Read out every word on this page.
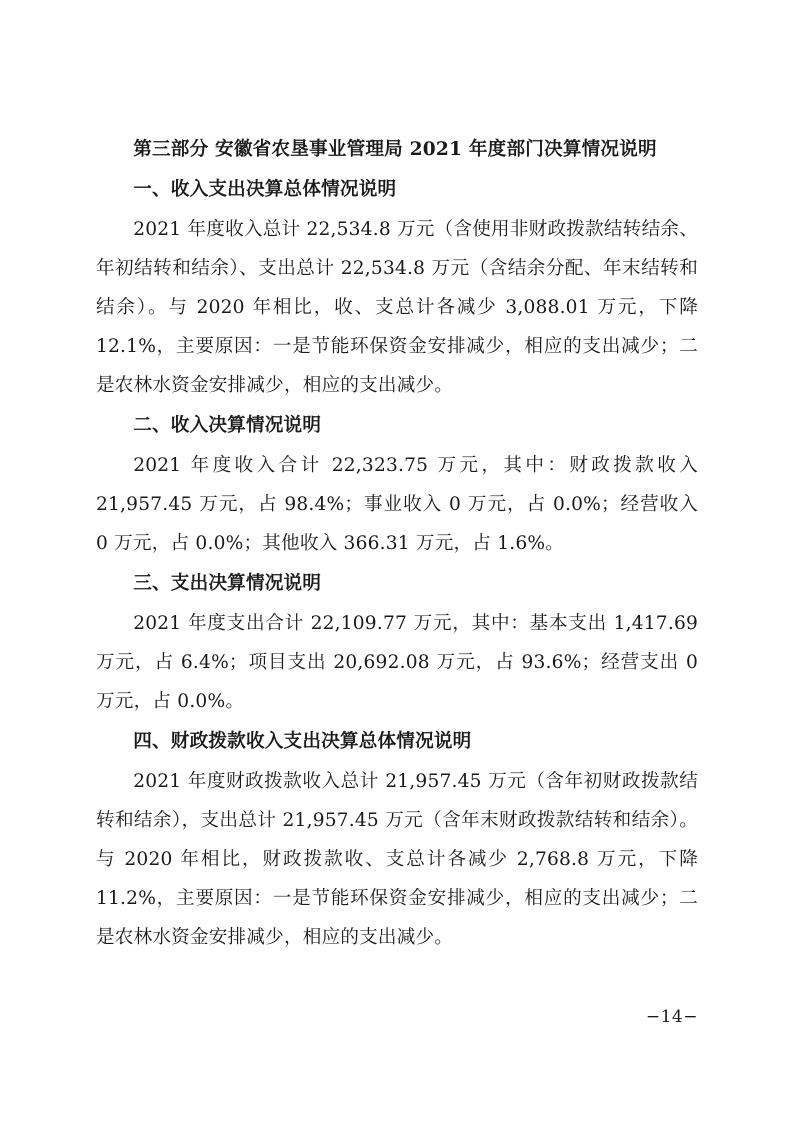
第三部分 安徽省农垦事业管理局 2021 年度部门决算情况说明

一、收入支出决算总体情况说明

2021 年度收入总计 22,534.8 万元（含使用非财政拨款结转结余、年初结转和结余）、支出总计 22,534.8 万元（含结余分配、年末结转和结余）。与 2020 年相比，收、支总计各减少 3,088.01 万元，下降 12.1%，主要原因：一是节能环保资金安排减少，相应的支出减少；二是农林水资金安排减少，相应的支出减少。

二、收入决算情况说明

2021 年度收入合计 22,323.75 万元，其中：财政拨款收入 21,957.45 万元，占 98.4%；事业收入 0 万元，占 0.0%；经营收入 0 万元，占 0.0%；其他收入 366.31 万元，占 1.6%。

三、支出决算情况说明

2021 年度支出合计 22,109.77 万元，其中：基本支出 1,417.69 万元，占 6.4%；项目支出 20,692.08 万元，占 93.6%；经营支出 0 万元，占 0.0%。

四、财政拨款收入支出决算总体情况说明

2021 年度财政拨款收入总计 21,957.45 万元（含年初财政拨款结转和结余），支出总计 21,957.45 万元（含年末财政拨款结转和结余）。与 2020 年相比，财政拨款收、支总计各减少 2,768.8 万元，下降 11.2%，主要原因：一是节能环保资金安排减少，相应的支出减少；二是农林水资金安排减少，相应的支出减少。

−14−
